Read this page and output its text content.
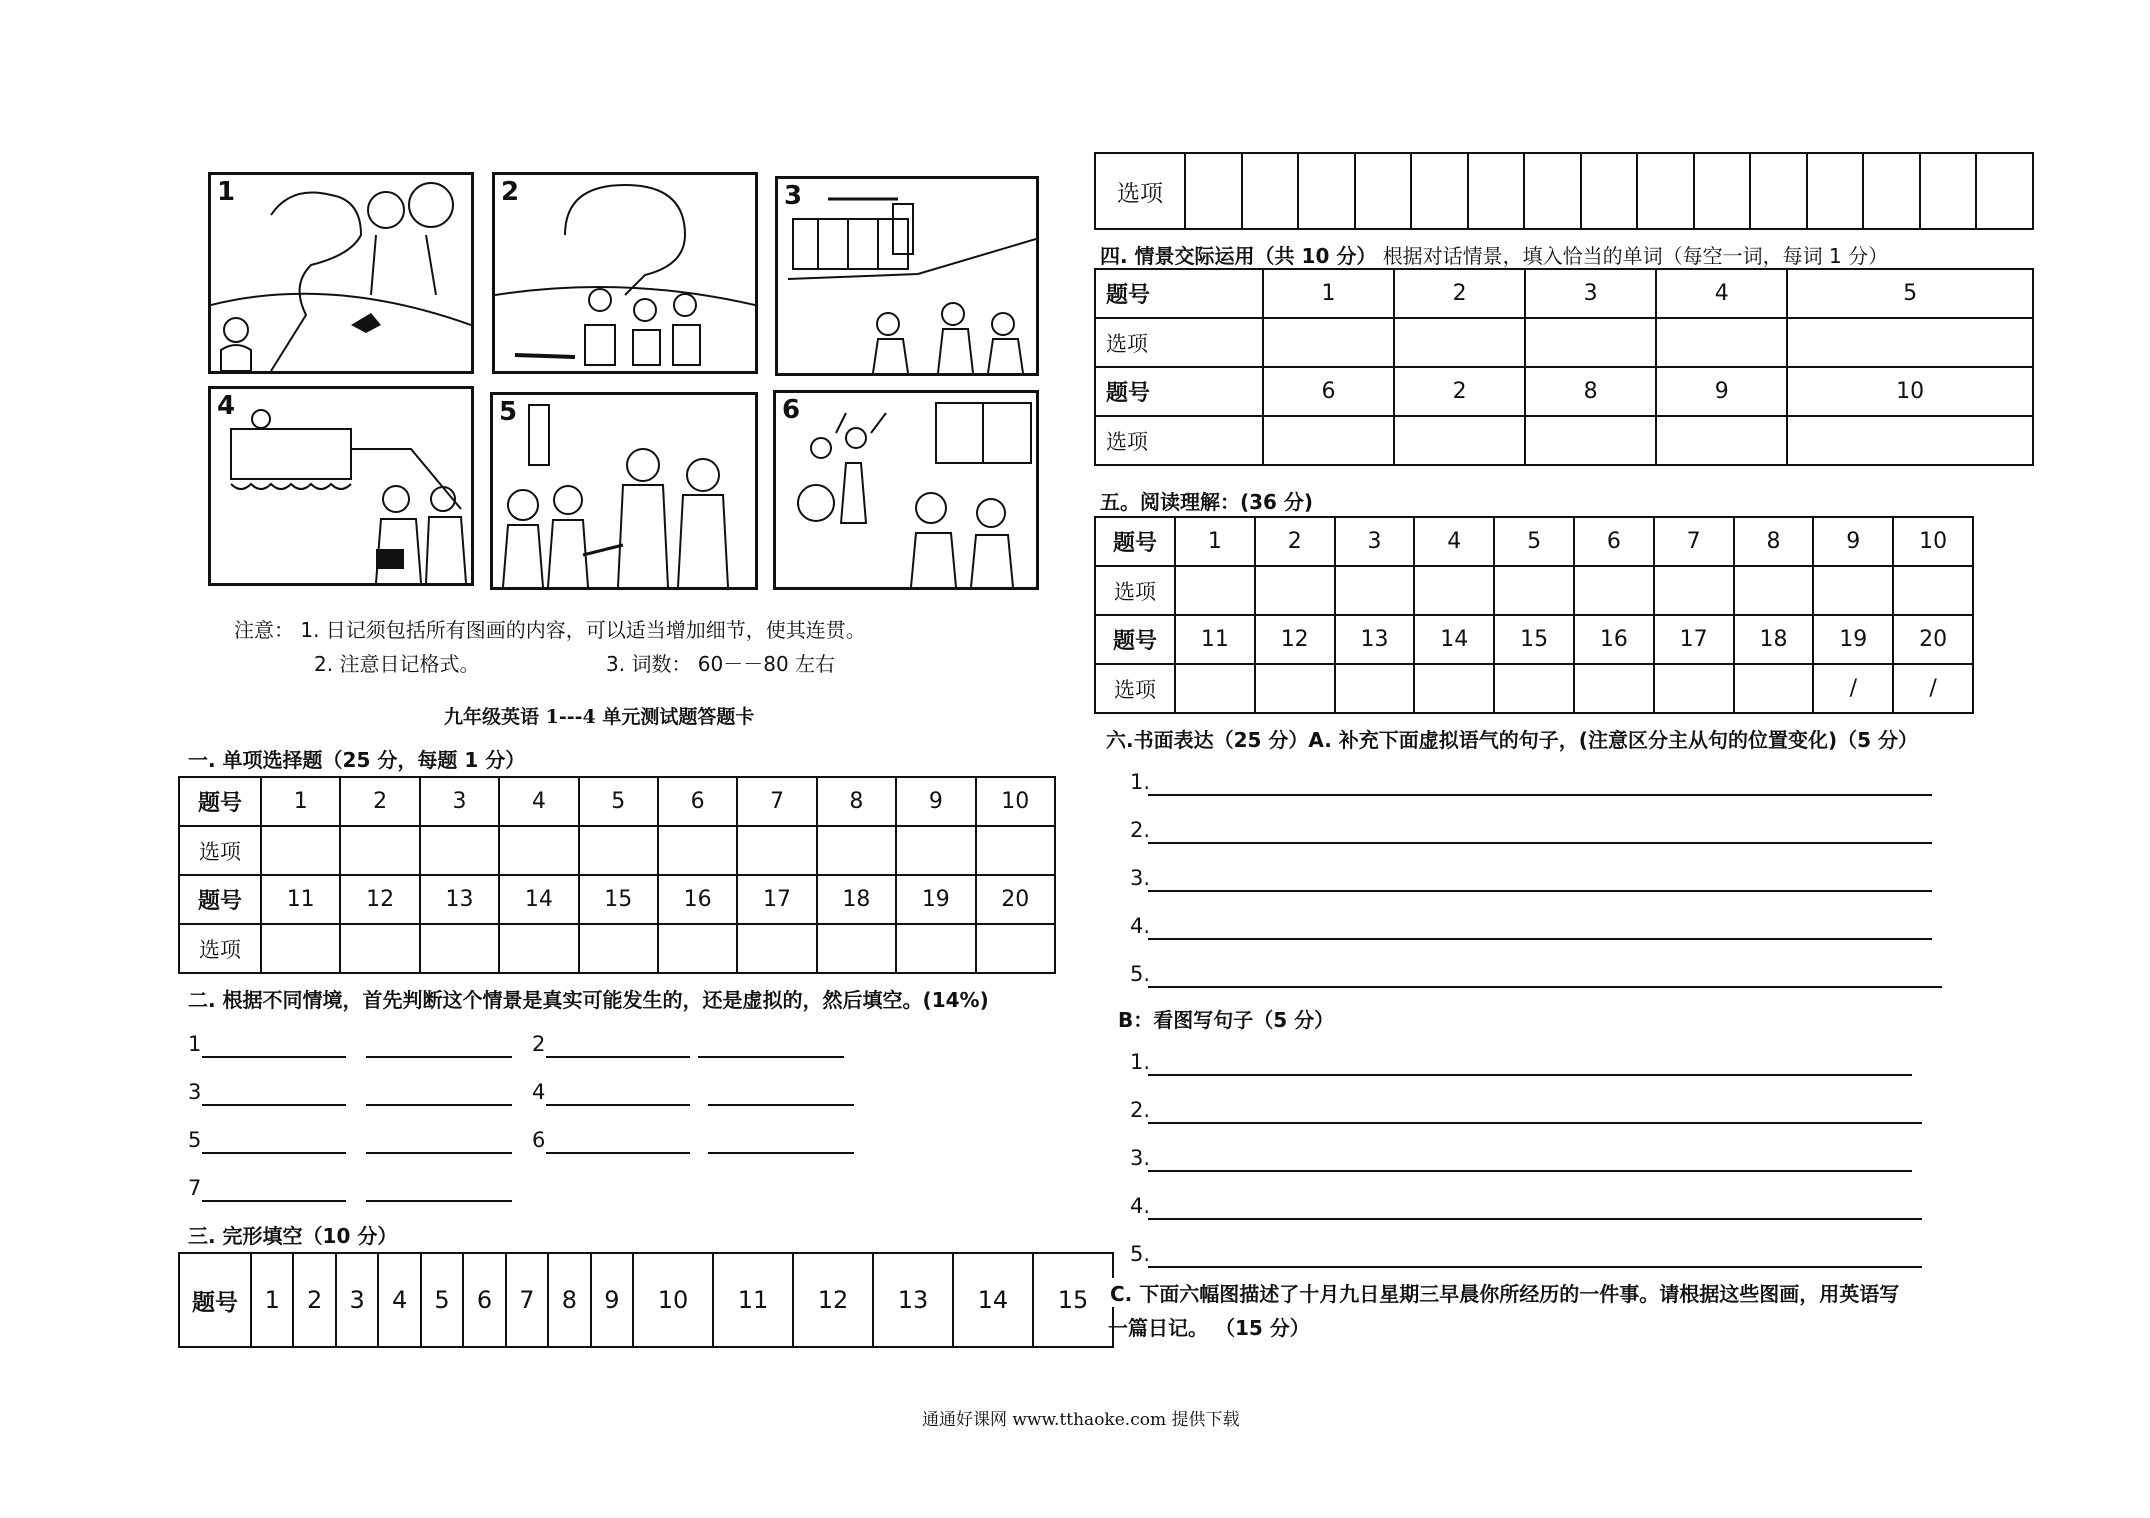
1	2	3
4	5	6
注意： 1. 日记须包括所有图画的内容，可以适当增加细节，使其连贯。
2. 注意日记格式。	3. 词数： 60－－80 左右
九年级英语 1---4 单元测试题答题卡
一. 单项选择题（25 分，每题 1 分）
题号	1	2	3	4	5	6	7	8	9	10
选项										
题号	11	12	13	14	15	16	17	18	19	20
选项										
二. 根据不同情境，首先判断这个情景是真实可能发生的，还是虚拟的，然后填空。(14%)
1	2
3	4
5	6
7
三. 完形填空（10 分）
题号	1	2	3	4	5	6	7	8	9	10	11	12	13	14	15
选项															
四. 情景交际运用（共 10 分） 根据对话情景，填入恰当的单词（每空一词，每词 1 分）
题号	1	2	3	4	5
选项					
题号	6	2	8	9	10
选项					
五。阅读理解：(36 分)
题号	1	2	3	4	5	6	7	8	9	10
选项										
题号	11	12	13	14	15	16	17	18	19	20
选项									/	/
六.书面表达（25 分）A. 补充下面虚拟语气的句子，(注意区分主从句的位置变化)（5 分）
1.
2.
3.
4.
5.
B：看图写句子（5 分）
1.
2.
3.
4.
5.
C. 下面六幅图描述了十月九日星期三早晨你所经历的一件事。请根据这些图画，用英语写
一篇日记。 （15 分）
通通好课网 www.tthaoke.com 提供下载
